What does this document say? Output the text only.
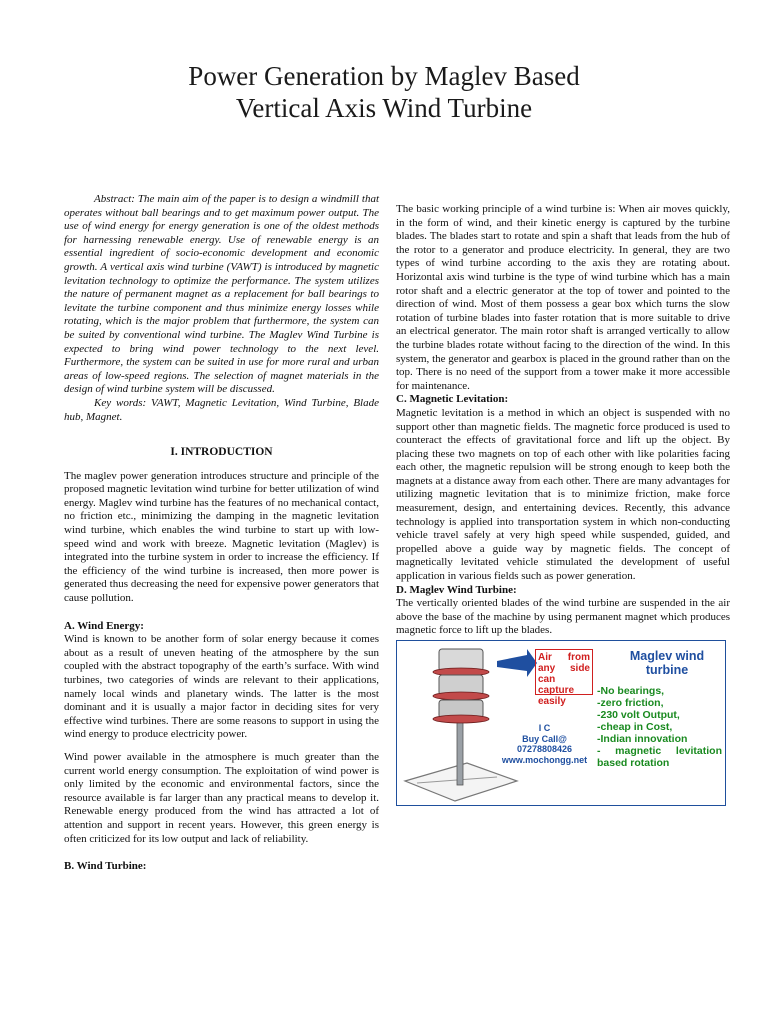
Power Generation by Maglev Based
Vertical Axis Wind Turbine

Abstract: The main aim of the paper is to design a windmill that operates without ball bearings and to get maximum power output. The use of wind energy for energy generation is one of the oldest methods for harnessing renewable energy. Use of renewable energy is an essential ingredient of socio-economic development and economic growth. A vertical axis wind turbine (VAWT) is introduced by magnetic levitation technology to optimize the performance. The system utilizes the nature of permanent magnet as a replacement for ball bearings to levitate the turbine component and thus minimize energy losses while rotating, which is the major problem that furthermore, the system can be suited by conventional wind turbine. The Maglev Wind Turbine is expected to bring wind power technology to the next level. Furthermore, the system can be suited in use for more rural and urban areas of low-speed regions. The selection of magnet materials in the design of wind turbine system will be discussed.

Key words: VAWT, Magnetic Levitation, Wind Turbine, Blade hub, Magnet.

I. INTRODUCTION

The maglev power generation introduces structure and principle of the proposed magnetic levitation wind turbine for better utilization of wind energy. Maglev wind turbine has the features of no mechanical contact, no friction etc., minimizing the damping in the magnetic levitation wind turbine, which enables the wind turbine to start up with low-speed wind and work with breeze. Magnetic levitation (Maglev) is integrated into the turbine system in order to increase the efficiency. If the efficiency of the wind turbine is increased, then more power is generated thus decreasing the need for expensive power generators that cause pollution.

A. Wind Energy:

Wind is known to be another form of solar energy because it comes about as a result of uneven heating of the atmosphere by the sun coupled with the abstract topography of the earth’s surface. With wind turbines, two categories of winds are relevant to their applications, namely local winds and planetary winds. The latter is the most dominant and it is usually a major factor in deciding sites for very effective wind turbines. There are some reasons to support in using the wind energy to produce electricity power.

Wind power available in the atmosphere is much greater than the current world energy consumption. The exploitation of wind power is only limited by the economic and environmental factors, since the resource available is far larger than any practical means to develop it. Renewable energy produced from the wind has attracted a lot of attention and support in recent years. However, this green energy is often criticized for its low output and lack of reliability.

B. Wind Turbine:

The basic working principle of a wind turbine is: When air moves quickly, in the form of wind, and their kinetic energy is captured by the turbine blades. The blades start to rotate and spin a shaft that leads from the hub of the rotor to a generator and produce electricity. In general, they are two types of wind turbine according to the axis they are rotating about. Horizontal axis wind turbine is the type of wind turbine which has a main rotor shaft and a electric generator at the top of tower and pointed to the direction of wind. Most of them possess a gear box which turns the slow rotation of turbine blades into faster rotation that is more suitable to drive an electrical generator. The main rotor shaft is arranged vertically to allow the turbine blades rotate without facing to the direction of the wind. In this system, the generator and gearbox is placed in the ground rather than on the top. There is no need of the support from a tower make it more accessible for maintenance.

C. Magnetic Levitation:

Magnetic levitation is a method in which an object is suspended with no support other than magnetic fields. The magnetic force produced is used to counteract the effects of gravitational force and lift up the object. By placing these two magnets on top of each other with like polarities facing each other, the magnetic repulsion will be strong enough to keep both the magnets at a distance away from each other. There are many advantages for utilizing magnetic levitation that is to minimize friction, make force measurement, design, and entertaining devices. Recently, this advance technology is applied into transportation system in which non-conducting vehicle travel safely at very high speed while suspended, guided, and propelled above a guide way by magnetic fields. The concept of magnetically levitated vehicle stimulated the development of useful application in various fields such as power generation.

D. Maglev Wind Turbine:

The vertically oriented blades of the wind turbine are suspended in the air above the base of the machine by using permanent magnet which produces magnetic force to lift up the blades.

Air from any side can capture easily
Maglev wind turbine
-No bearings,
-zero friction,
-230 volt Output,
-cheap in Cost,
-Indian innovation
- magnetic levitation based rotation
I C
Buy Call@
07278808426
www.mochongg.net
